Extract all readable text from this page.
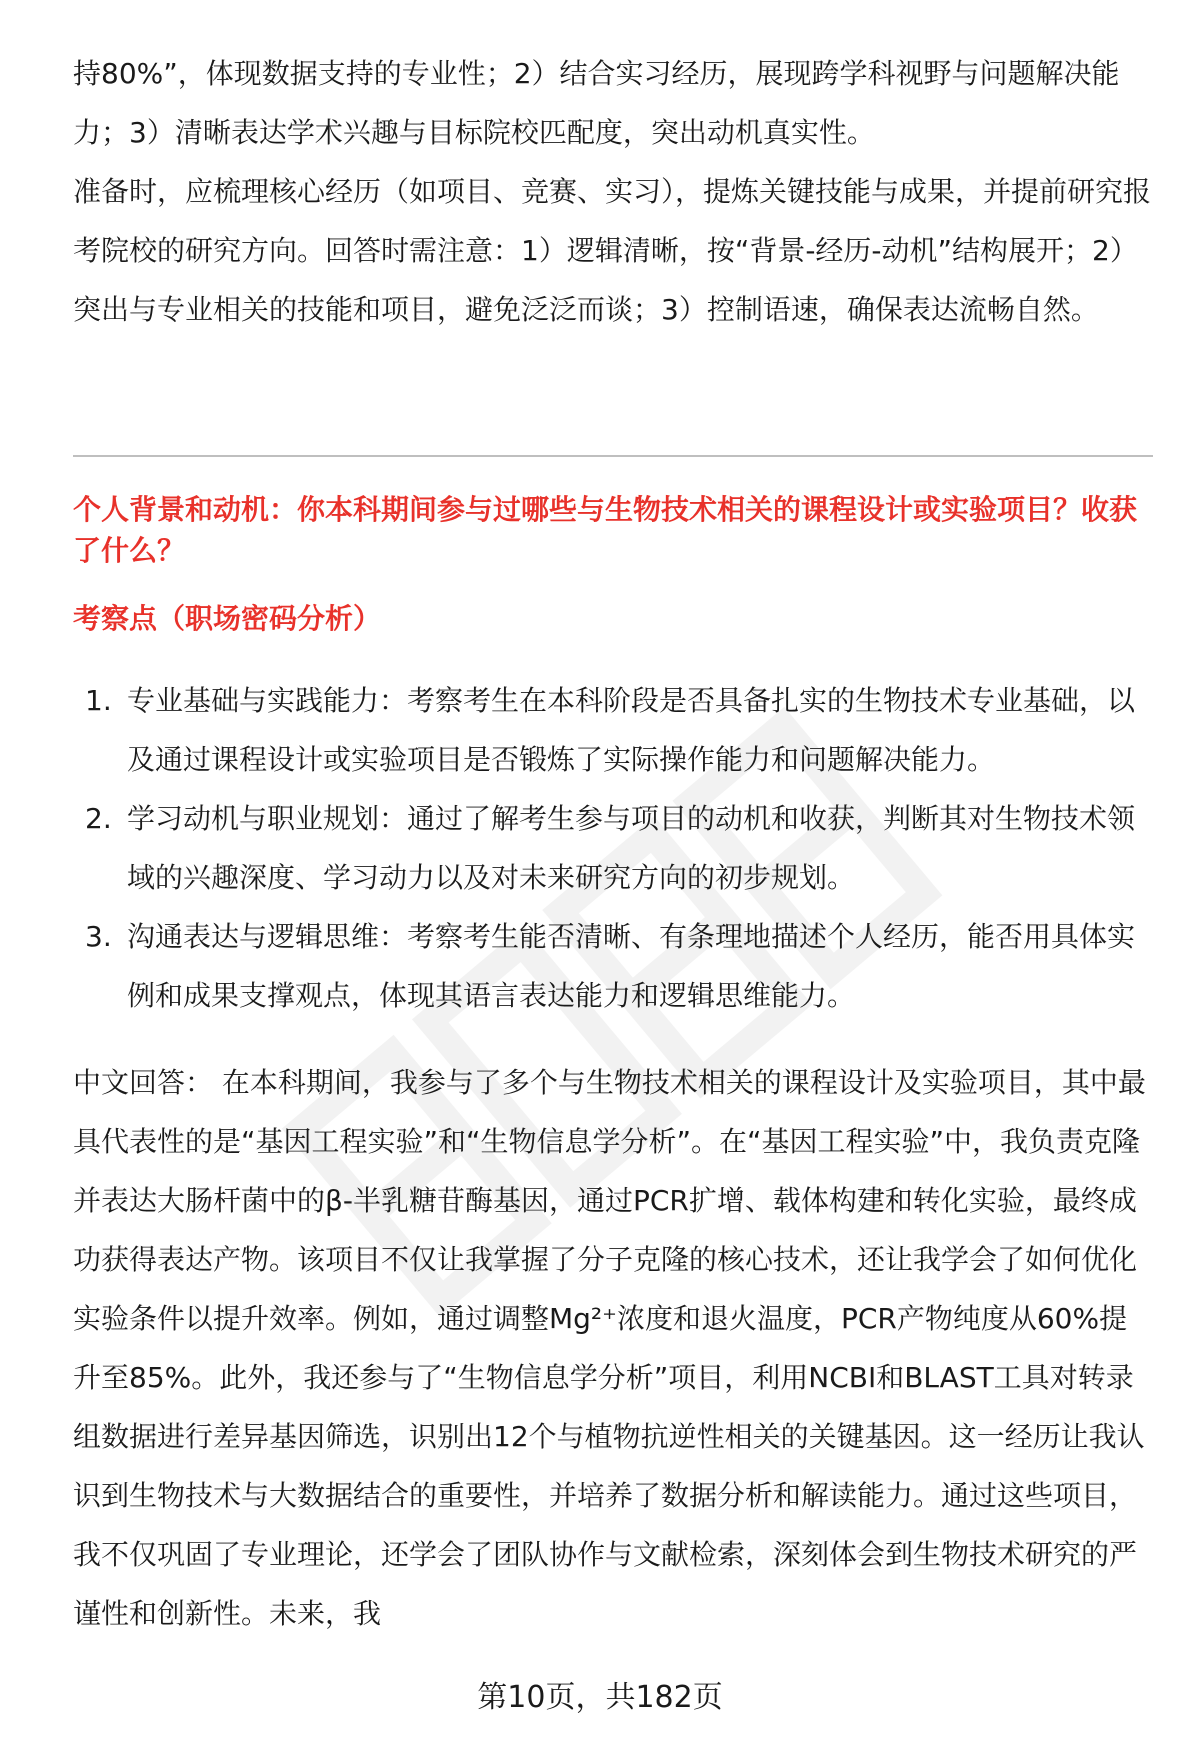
持80%”，体现数据支持的专业性；2）结合实习经历，展现跨学科视野与问题解决能力；3）清晰表达学术兴趣与目标院校匹配度，突出动机真实性。

准备时，应梳理核心经历（如项目、竞赛、实习），提炼关键技能与成果，并提前研究报考院校的研究方向。回答时需注意：1）逻辑清晰，按“背景-经历-动机”结构展开；2）突出与专业相关的技能和项目，避免泛泛而谈；3）控制语速，确保表达流畅自然。

个人背景和动机：你本科期间参与过哪些与生物技术相关的课程设计或实验项目？收获了什么？

考察点（职场密码分析）

1. 专业基础与实践能力：考察考生在本科阶段是否具备扎实的生物技术专业基础，以及通过课程设计或实验项目是否锻炼了实际操作能力和问题解决能力。
2. 学习动机与职业规划：通过了解考生参与项目的动机和收获，判断其对生物技术领域的兴趣深度、学习动力以及对未来研究方向的初步规划。
3. 沟通表达与逻辑思维：考察考生能否清晰、有条理地描述个人经历，能否用具体实例和成果支撑观点，体现其语言表达能力和逻辑思维能力。

中文回答： 在本科期间，我参与了多个与生物技术相关的课程设计及实验项目，其中最具代表性的是“基因工程实验”和“生物信息学分析”。在“基因工程实验”中，我负责克隆并表达大肠杆菌中的β-半乳糖苷酶基因，通过PCR扩增、载体构建和转化实验，最终成功获得表达产物。该项目不仅让我掌握了分子克隆的核心技术，还让我学会了如何优化实验条件以提升效率。例如，通过调整Mg²⁺浓度和退火温度，PCR产物纯度从60%提升至85%。此外，我还参与了“生物信息学分析”项目，利用NCBI和BLAST工具对转录组数据进行差异基因筛选，识别出12个与植物抗逆性相关的关键基因。这一经历让我认识到生物技术与大数据结合的重要性，并培养了数据分析和解读能力。通过这些项目，我不仅巩固了专业理论，还学会了团队协作与文献检索，深刻体会到生物技术研究的严谨性和创新性。未来，我

第10页，共182页
